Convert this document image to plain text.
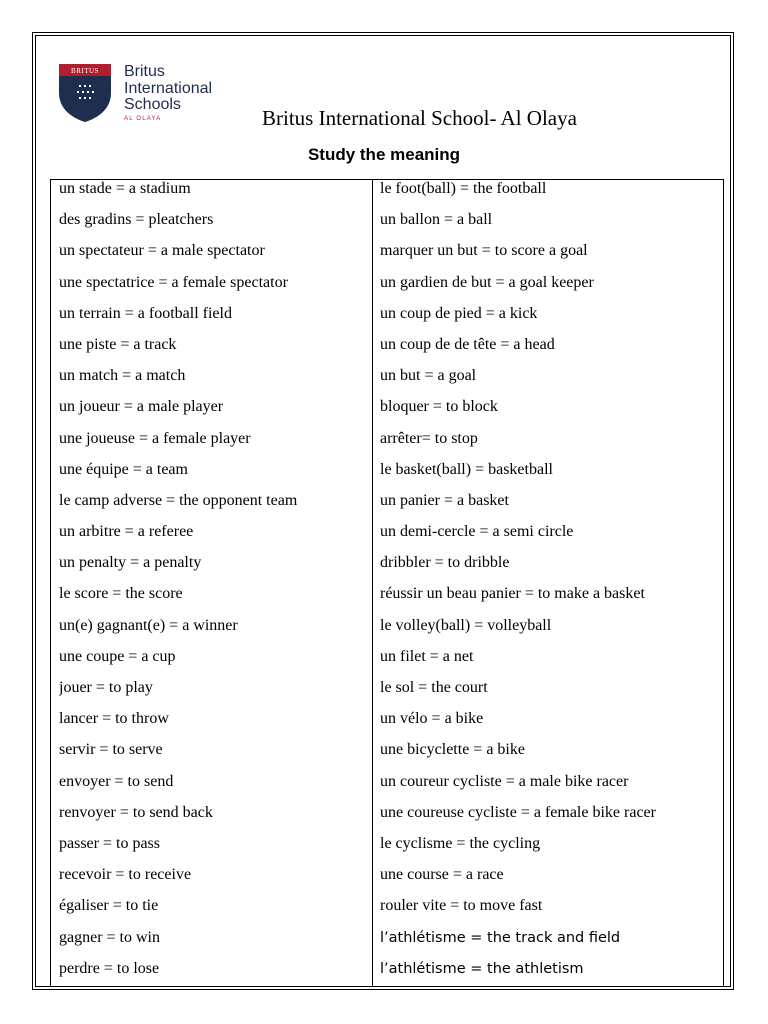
BRITUS Britus
International
Schools
AL OLAYA	Britus International School- Al Olaya
Study the meaning
un stade = a stadium
des gradins = pleatchers
un spectateur = a male spectator
une spectatrice = a female spectator
un terrain = a football field
une piste = a track
un match = a match
un joueur = a male player
une joueuse = a female player
une équipe = a team
le camp adverse = the opponent team
un arbitre = a referee
un penalty = a penalty
le score = the score
un(e) gagnant(e) = a winner
une coupe = a cup
jouer = to play
lancer = to throw
servir = to serve
envoyer = to send
renvoyer = to send back
passer = to pass
recevoir = to receive
égaliser = to tie
gagner = to win
perdre = to lose
le foot(ball) = the football
un ballon = a ball
marquer un but = to score a goal
un gardien de but = a goal keeper
un coup de pied = a kick
un coup de de tête = a head
un but = a goal
bloquer = to block
arrêter= to stop
le basket(ball) = basketball
un panier = a basket
un demi-cercle = a semi circle
dribbler = to dribble
réussir un beau panier = to make a basket
le volley(ball) = volleyball
un filet = a net
le sol = the court
un vélo = a bike
une bicyclette = a bike
un coureur cycliste = a male bike racer
une coureuse cycliste = a female bike racer
le cyclisme = the cycling
une course = a race
rouler vite = to move fast
l’athlétisme = the track and field
l’athlétisme = the athletism
